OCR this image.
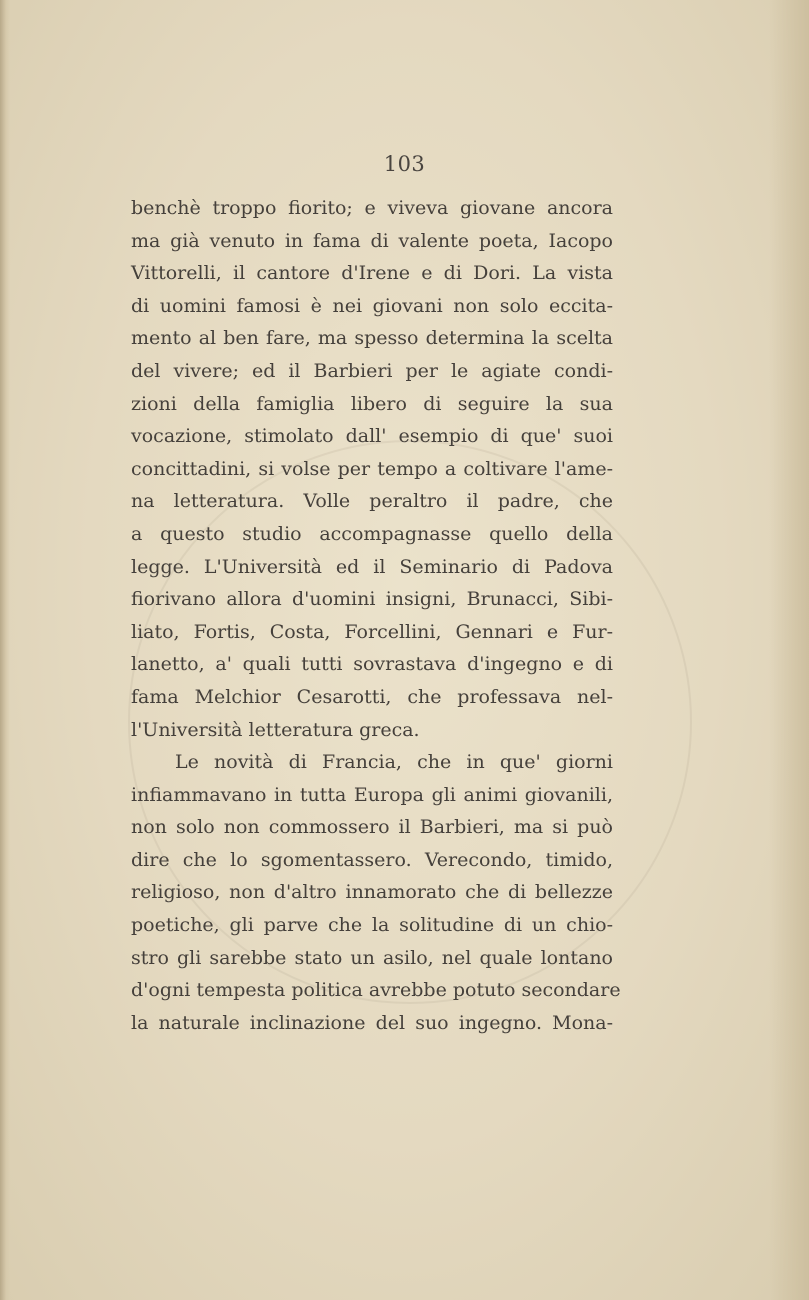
103
benchè troppo fiorito; e viveva giovane ancora
ma già venuto in fama di valente poeta, Iacopo
Vittorelli, il cantore d'Irene e di Dori. La vista
di uomini famosi è nei giovani non solo eccita-
mento al ben fare, ma spesso determina la scelta
del vivere; ed il Barbieri per le agiate condi-
zioni della famiglia libero di seguire la sua
vocazione, stimolato dall' esempio di que' suoi
concittadini, si volse per tempo a coltivare l'ame-
na letteratura. Volle peraltro il padre, che
a questo studio accompagnasse quello della
legge. L'Università ed il Seminario di Padova
fiorivano allora d'uomini insigni, Brunacci, Sibi-
liato, Fortis, Costa, Forcellini, Gennari e Fur-
lanetto, a' quali tutti sovrastava d'ingegno e di
fama Melchior Cesarotti, che professava nel-
l'Università letteratura greca.
Le novità di Francia, che in que' giorni
infiammavano in tutta Europa gli animi giovanili,
non solo non commossero il Barbieri, ma si può
dire che lo sgomentassero. Verecondo, timido,
religioso, non d'altro innamorato che di bellezze
poetiche, gli parve che la solitudine di un chio-
stro gli sarebbe stato un asilo, nel quale lontano
d'ogni tempesta politica avrebbe potuto secondare
la naturale inclinazione del suo ingegno. Mona-
